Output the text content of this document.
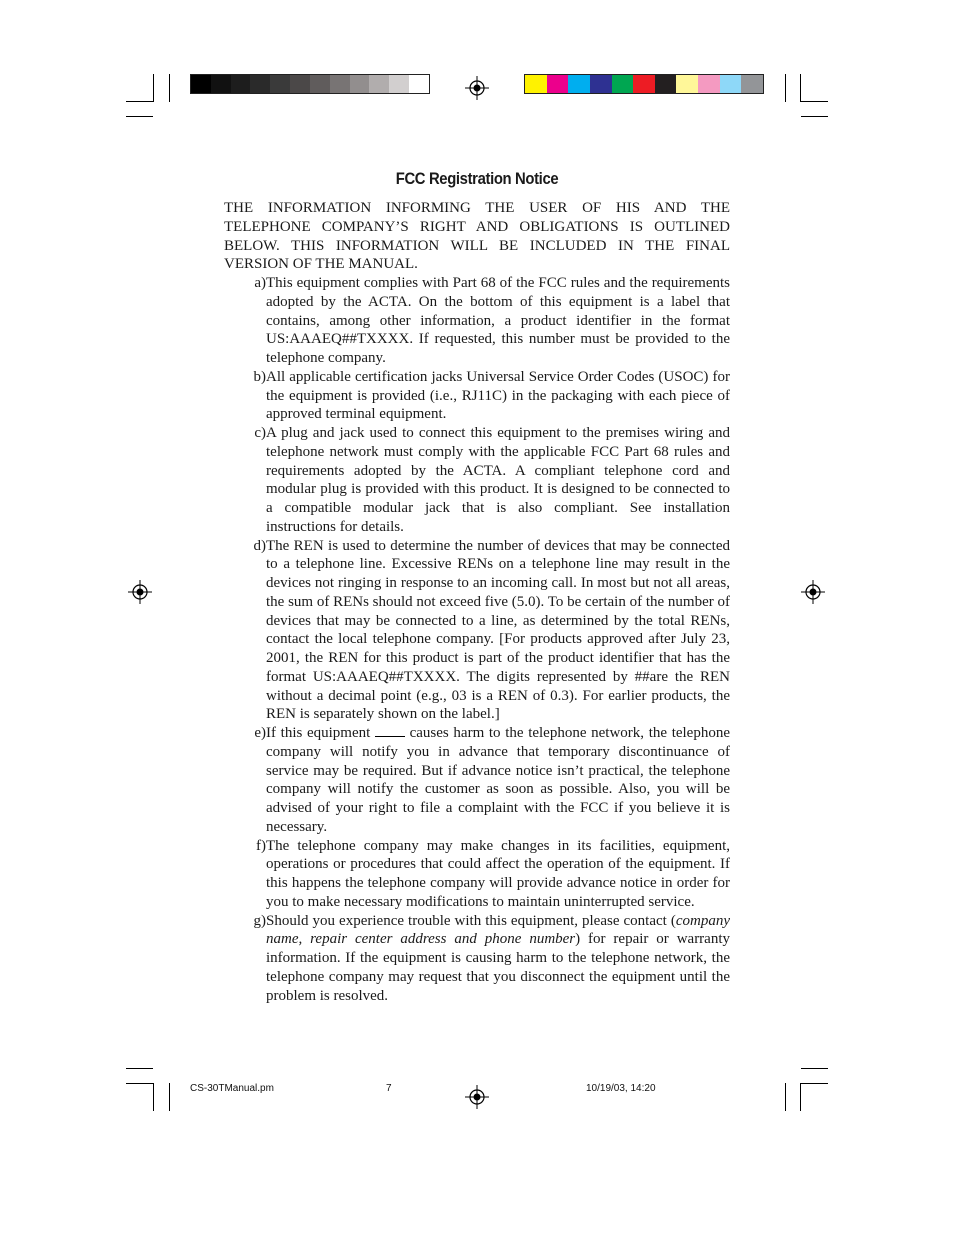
FCC Registration Notice
THE INFORMATION INFORMING THE USER OF HIS AND THE TELEPHONE COMPANY’S RIGHT AND OBLIGATIONS IS OUTLINED BELOW. THIS INFORMATION WILL BE INCLUDED IN THE FINAL VERSION OF THE MANUAL.
a) This equipment complies with Part 68 of the FCC rules and the requirements adopted by the ACTA. On the bottom of this equipment is a label that contains, among other information, a product identifier in the format US:AAAEQ##TXXXX. If requested, this number must be provided to the telephone company.
b) All applicable certification jacks Universal Service Order Codes (USOC) for the equipment is provided (i.e., RJ11C) in the packaging with each piece of approved terminal equipment.
c) A plug and jack used to connect this equipment to the premises wiring and telephone network must comply with the applicable FCC Part 68 rules and requirements adopted by the ACTA. A compliant telephone cord and modular plug is provided with this product. It is designed to be connected to a compatible modular jack that is also compliant. See installation instructions for details.
d) The REN is used to determine the number of devices that may be connected to a telephone line. Excessive RENs on a telephone line may result in the devices not ringing in response to an incoming call. In most but not all areas, the sum of RENs should not exceed five (5.0). To be certain of the number of devices that may be connected to a line, as determined by the total RENs, contact the local telephone company. [For products approved after July 23, 2001, the REN for this product is part of the product identifier that has the format US:AAAEQ##TXXXX. The digits represented by ##are the REN without a decimal point (e.g., 03 is a REN of 0.3). For earlier products, the REN is separately shown on the label.]
e) If this equipment	causes harm to the telephone network, the telephone company will notify you in advance that temporary discontinuance of service may be required. But if advance notice isn’t practical, the telephone company will notify the customer as soon as possible. Also, you will be advised of your right to file a complaint with the FCC if you believe it is necessary.
f) The telephone company may make changes in its facilities, equipment, operations or procedures that could affect the operation of the equipment. If this happens the telephone company will provide advance notice in order for you to make necessary modifications to maintain uninterrupted service.
g) Should you experience trouble with this equipment, please contact (company name, repair center address and phone number) for repair or warranty information. If the equipment is causing harm to the telephone network, the telephone company may request that you disconnect the equipment until the problem is resolved.
CS-30TManual.pm	7	10/19/03, 14:20
